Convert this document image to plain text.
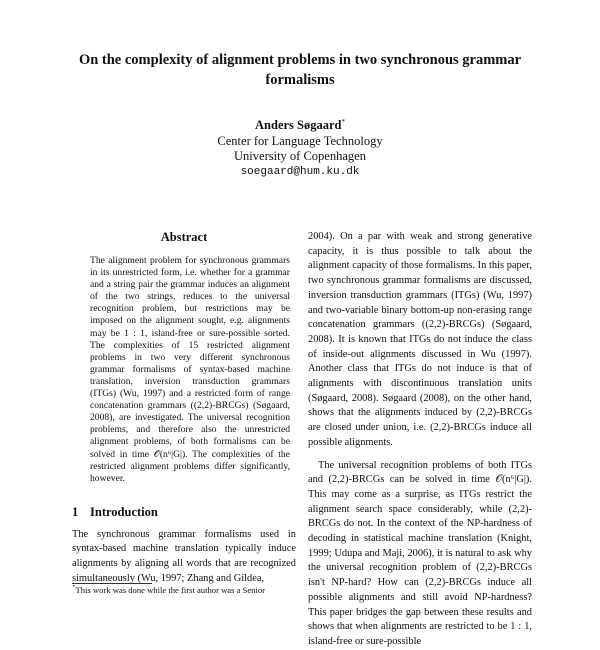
On the complexity of alignment problems in two synchronous grammar formalisms
Anders Søgaard*
Center for Language Technology
University of Copenhagen
soegaard@hum.ku.dk
Abstract

The alignment problem for synchronous grammars in its unrestricted form, i.e. whether for a grammar and a string pair the grammar induces an alignment of the two strings, reduces to the universal recognition problem, but restrictions may be imposed on the alignment sought, e.g. alignments may be 1 : 1, island-free or sure-possible sorted. The complexities of 15 restricted alignment problems in two very different synchronous grammar formalisms of syntax-based machine translation, inversion transduction grammars (ITGs) (Wu, 1997) and a restricted form of range concatenation grammars ((2,2)-BRCGs) (Søgaard, 2008), are investigated. The universal recognition problems, and therefore also the unrestricted alignment problems, of both formalisms can be solved in time 𝒪(n⁶|G|). The complexities of the restricted alignment problems differ significantly, however.

1 Introduction

The synchronous grammar formalisms used in syntax-based machine translation typically induce alignments by aligning all words that are recognized simultaneously (Wu, 1997; Zhang and Gildea,

2004). On a par with weak and strong generative capacity, it is thus possible to talk about the alignment capacity of those formalisms. In this paper, two synchronous grammar formalisms are discussed, inversion transduction grammars (ITGs) (Wu, 1997) and two-variable binary bottom-up non-erasing range concatenation grammars ((2,2)-BRCGs) (Søgaard, 2008). It is known that ITGs do not induce the class of inside-out alignments discussed in Wu (1997). Another class that ITGs do not induce is that of alignments with discontinuous translation units (Søgaard, 2008). Søgaard (2008), on the other hand, shows that the alignments induced by (2,2)-BRCGs are closed under union, i.e. (2,2)-BRCGs induce all possible alignments.

The universal recognition problems of both ITGs and (2,2)-BRCGs can be solved in time 𝒪(n⁶|G|). This may come as a surprise, as ITGs restrict the alignment search space considerably, while (2,2)-BRCGs do not. In the context of the NP-hardness of decoding in statistical machine translation (Knight, 1999; Udupa and Maji, 2006), it is natural to ask why the universal recognition problem of (2,2)-BRCGs isn't NP-hard? How can (2,2)-BRCGs induce all possible alignments and still avoid NP-hardness? This paper bridges the gap between these results and shows that when alignments are restricted to be 1 : 1, island-free or sure-possible

*This work was done while the first author was a Senior
